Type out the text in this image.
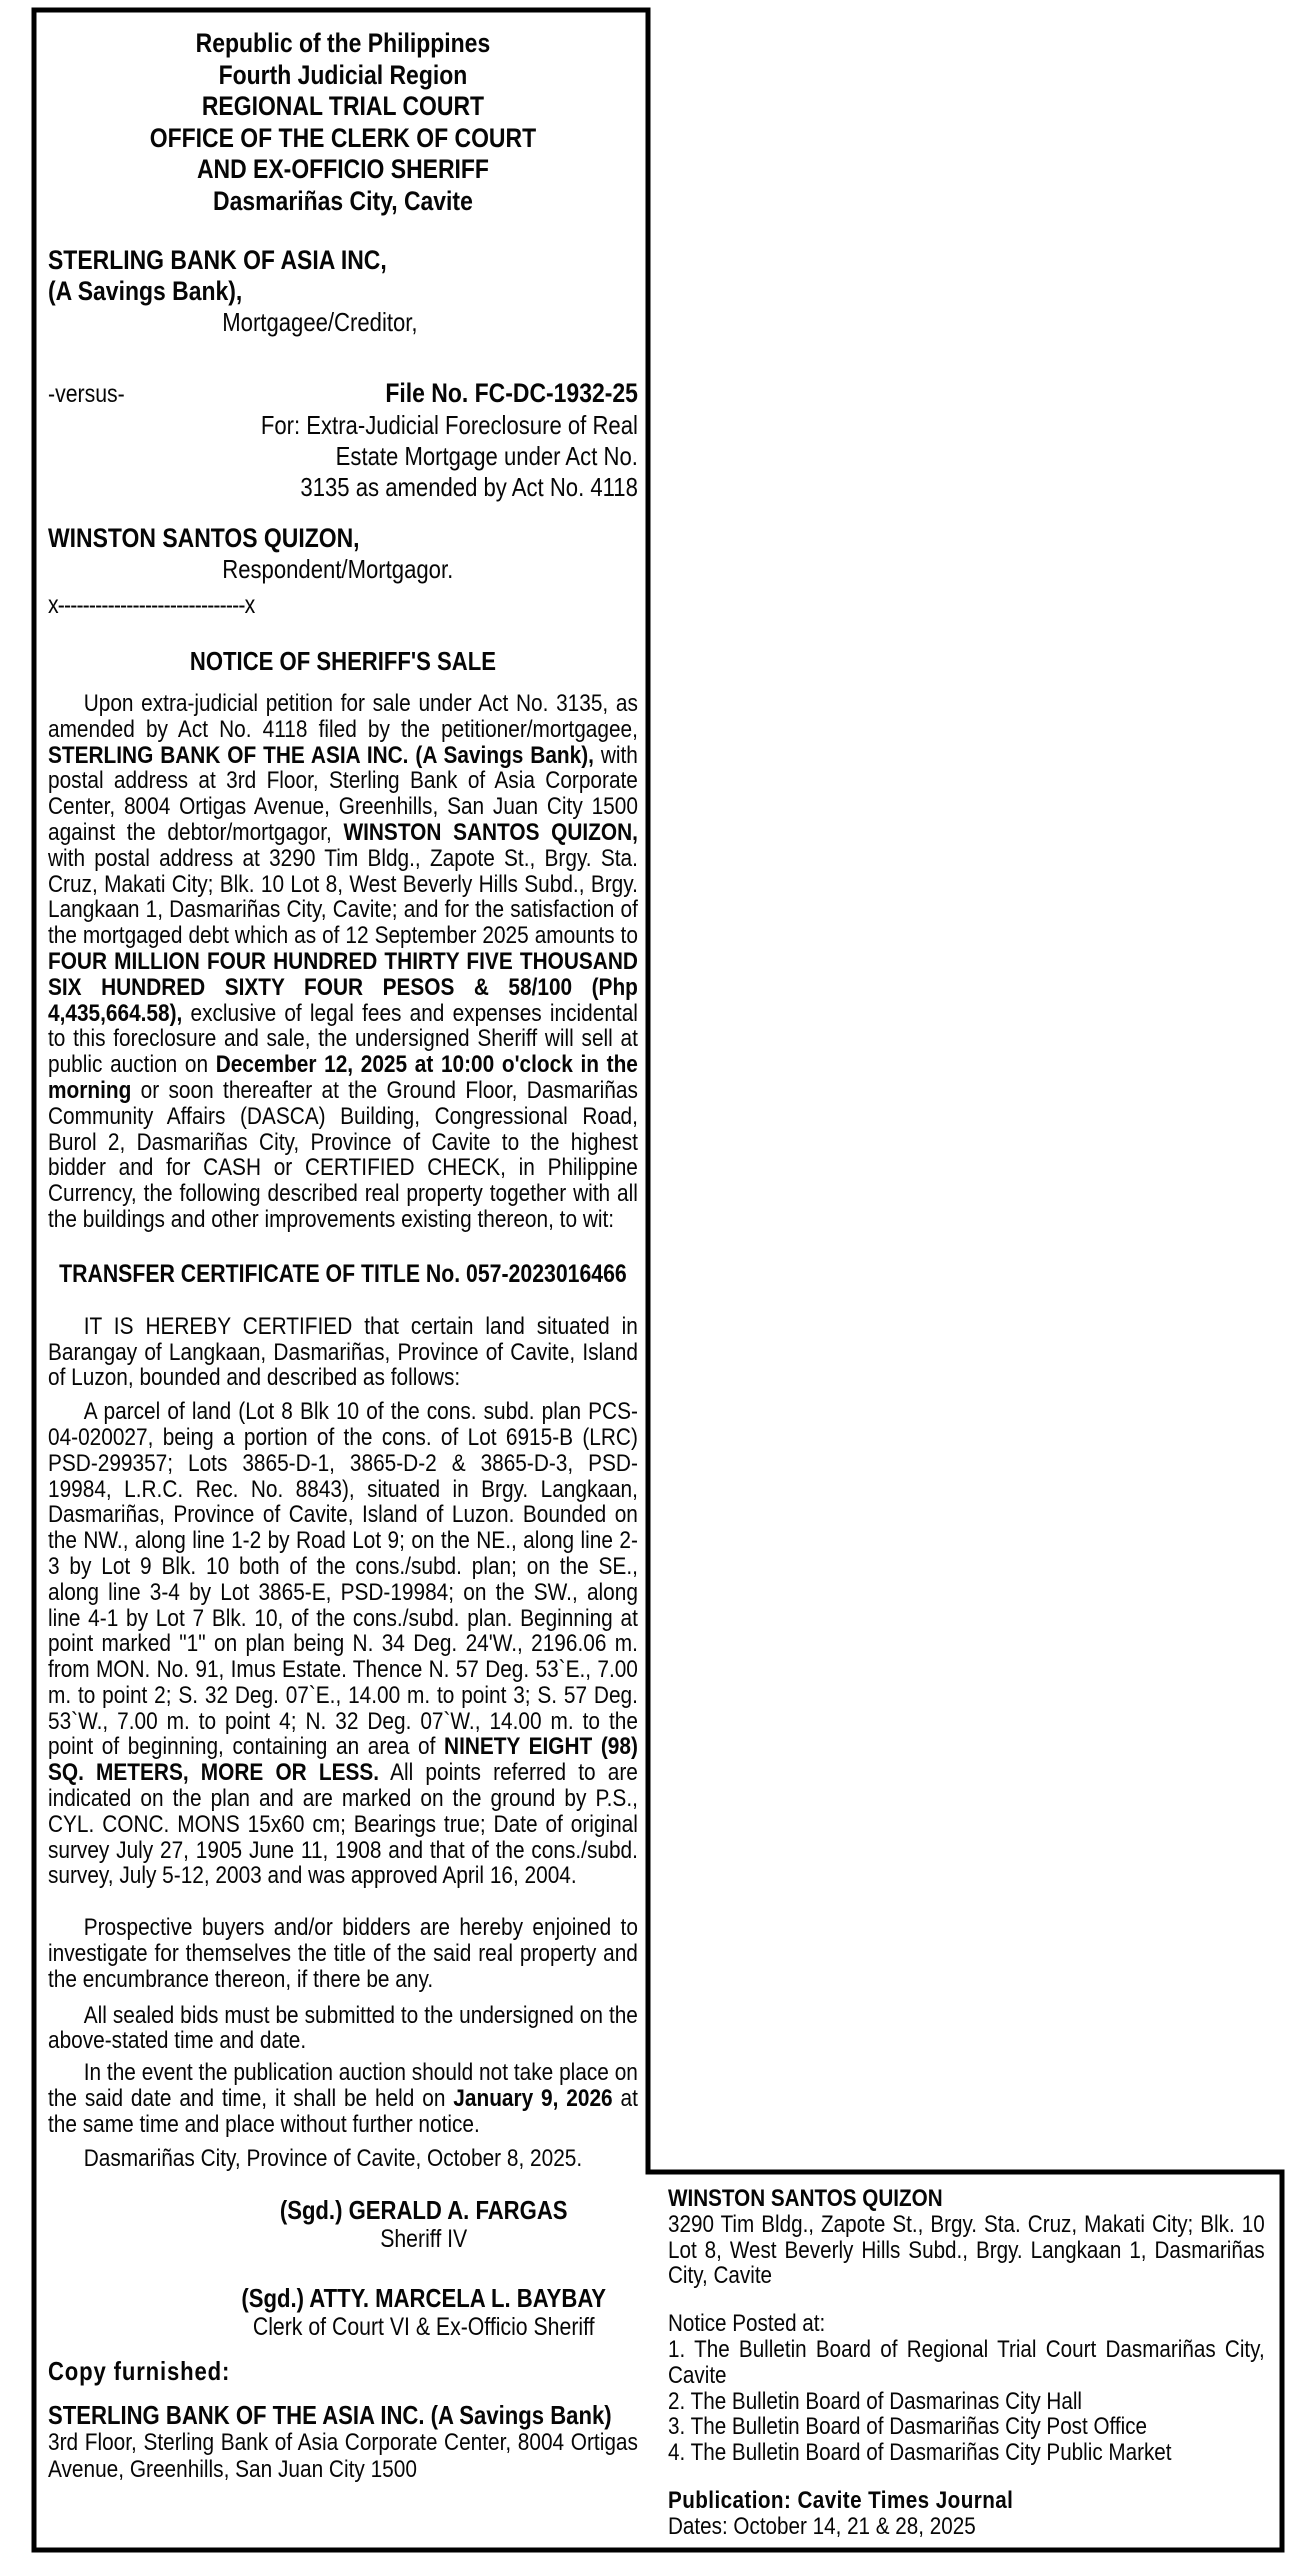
Republic of the Philippines
Fourth Judicial Region
REGIONAL TRIAL COURT
OFFICE OF THE CLERK OF COURT
AND EX-OFFICIO SHERIFF
Dasmariñas City, Cavite
STERLING BANK OF ASIA INC,
(A Savings Bank),
Mortgagee/Creditor,
-versus-	File No. FC-DC-1932-25
For: Extra-Judicial Foreclosure of Real
Estate Mortgage under Act No.
3135 as amended by Act No. 4118
WINSTON SANTOS QUIZON,
Respondent/Mortgagor.
x------------------------------x
NOTICE OF SHERIFF'S SALE

Upon extra-judicial petition for sale under Act No. 3135, as amended by Act No. 4118 filed by the petitioner/mortgagee, STERLING BANK OF THE ASIA INC. (A Savings Bank), with postal address at 3rd Floor, Sterling Bank of Asia Corporate Center, 8004 Ortigas Avenue, Greenhills, San Juan City 1500 against the debtor/mortgagor, WINSTON SANTOS QUIZON, with postal address at 3290 Tim Bldg., Zapote St., Brgy. Sta. Cruz, Makati City; Blk. 10 Lot 8, West Beverly Hills Subd., Brgy. Langkaan 1, Dasmariñas City, Cavite; and for the satisfaction of the mortgaged debt which as of 12 September 2025 amounts to FOUR MILLION FOUR HUNDRED THIRTY FIVE THOUSAND SIX HUNDRED SIXTY FOUR PESOS & 58/100 (Php 4,435,664.58), exclusive of legal fees and expenses incidental to this foreclosure and sale, the undersigned Sheriff will sell at public auction on December 12, 2025 at 10:00 o'clock in the morning or soon thereafter at the Ground Floor, Dasmariñas Community Affairs (DASCA) Building, Congressional Road, Burol 2, Dasmariñas City, Province of Cavite to the highest bidder and for CASH or CERTIFIED CHECK, in Philippine Currency, the following described real property together with all the buildings and other improvements existing thereon, to wit:

TRANSFER CERTIFICATE OF TITLE No. 057-2023016466

IT IS HEREBY CERTIFIED that certain land situated in Barangay of Langkaan, Dasmariñas, Province of Cavite, Island of Luzon, bounded and described as follows:

A parcel of land (Lot 8 Blk 10 of the cons. subd. plan PCS-04-020027, being a portion of the cons. of Lot 6915-B (LRC) PSD-299357; Lots 3865-D-1, 3865-D-2 & 3865-D-3, PSD-19984, L.R.C. Rec. No. 8843), situated in Brgy. Langkaan, Dasmariñas, Province of Cavite, Island of Luzon. Bounded on the NW., along line 1-2 by Road Lot 9; on the NE., along line 2-3 by Lot 9 Blk. 10 both of the cons./subd. plan; on the SE., along line 3-4 by Lot 3865-E, PSD-19984; on the SW., along line 4-1 by Lot 7 Blk. 10, of the cons./subd. plan. Beginning at point marked "1" on plan being N. 34 Deg. 24'W., 2196.06 m. from MON. No. 91, Imus Estate. Thence N. 57 Deg. 53`E., 7.00 m. to point 2; S. 32 Deg. 07`E., 14.00 m. to point 3; S. 57 Deg. 53`W., 7.00 m. to point 4; N. 32 Deg. 07`W., 14.00 m. to the point of beginning, containing an area of NINETY EIGHT (98) SQ. METERS, MORE OR LESS. All points referred to are indicated on the plan and are marked on the ground by P.S., CYL. CONC. MONS 15x60 cm; Bearings true; Date of original survey July 27, 1905 June 11, 1908 and that of the cons./subd. survey, July 5-12, 2003 and was approved April 16, 2004.

Prospective buyers and/or bidders are hereby enjoined to investigate for themselves the title of the said real property and the encumbrance thereon, if there be any.

All sealed bids must be submitted to the undersigned on the above-stated time and date.

In the event the publication auction should not take place on the said date and time, it shall be held on January 9, 2026 at the same time and place without further notice.

Dasmariñas City, Province of Cavite, October 8, 2025.

(Sgd.) GERALD A. FARGAS
Sheriff IV
(Sgd.) ATTY. MARCELA L. BAYBAY
Clerk of Court VI & Ex-Officio Sheriff
Copy furnished:
STERLING BANK OF THE ASIA INC. (A Savings Bank)
3rd Floor, Sterling Bank of Asia Corporate Center, 8004 Ortigas Avenue, Greenhills, San Juan City 1500
WINSTON SANTOS QUIZON
3290 Tim Bldg., Zapote St., Brgy. Sta. Cruz, Makati City; Blk. 10 Lot 8, West Beverly Hills Subd., Brgy. Langkaan 1, Dasmariñas City, Cavite
Notice Posted at:
1. The Bulletin Board of Regional Trial Court Dasmariñas City, Cavite
2. The Bulletin Board of Dasmarinas City Hall
3. The Bulletin Board of Dasmariñas City Post Office
4. The Bulletin Board of Dasmariñas City Public Market
Publication: Cavite Times Journal
Dates: October 14, 21 & 28, 2025
